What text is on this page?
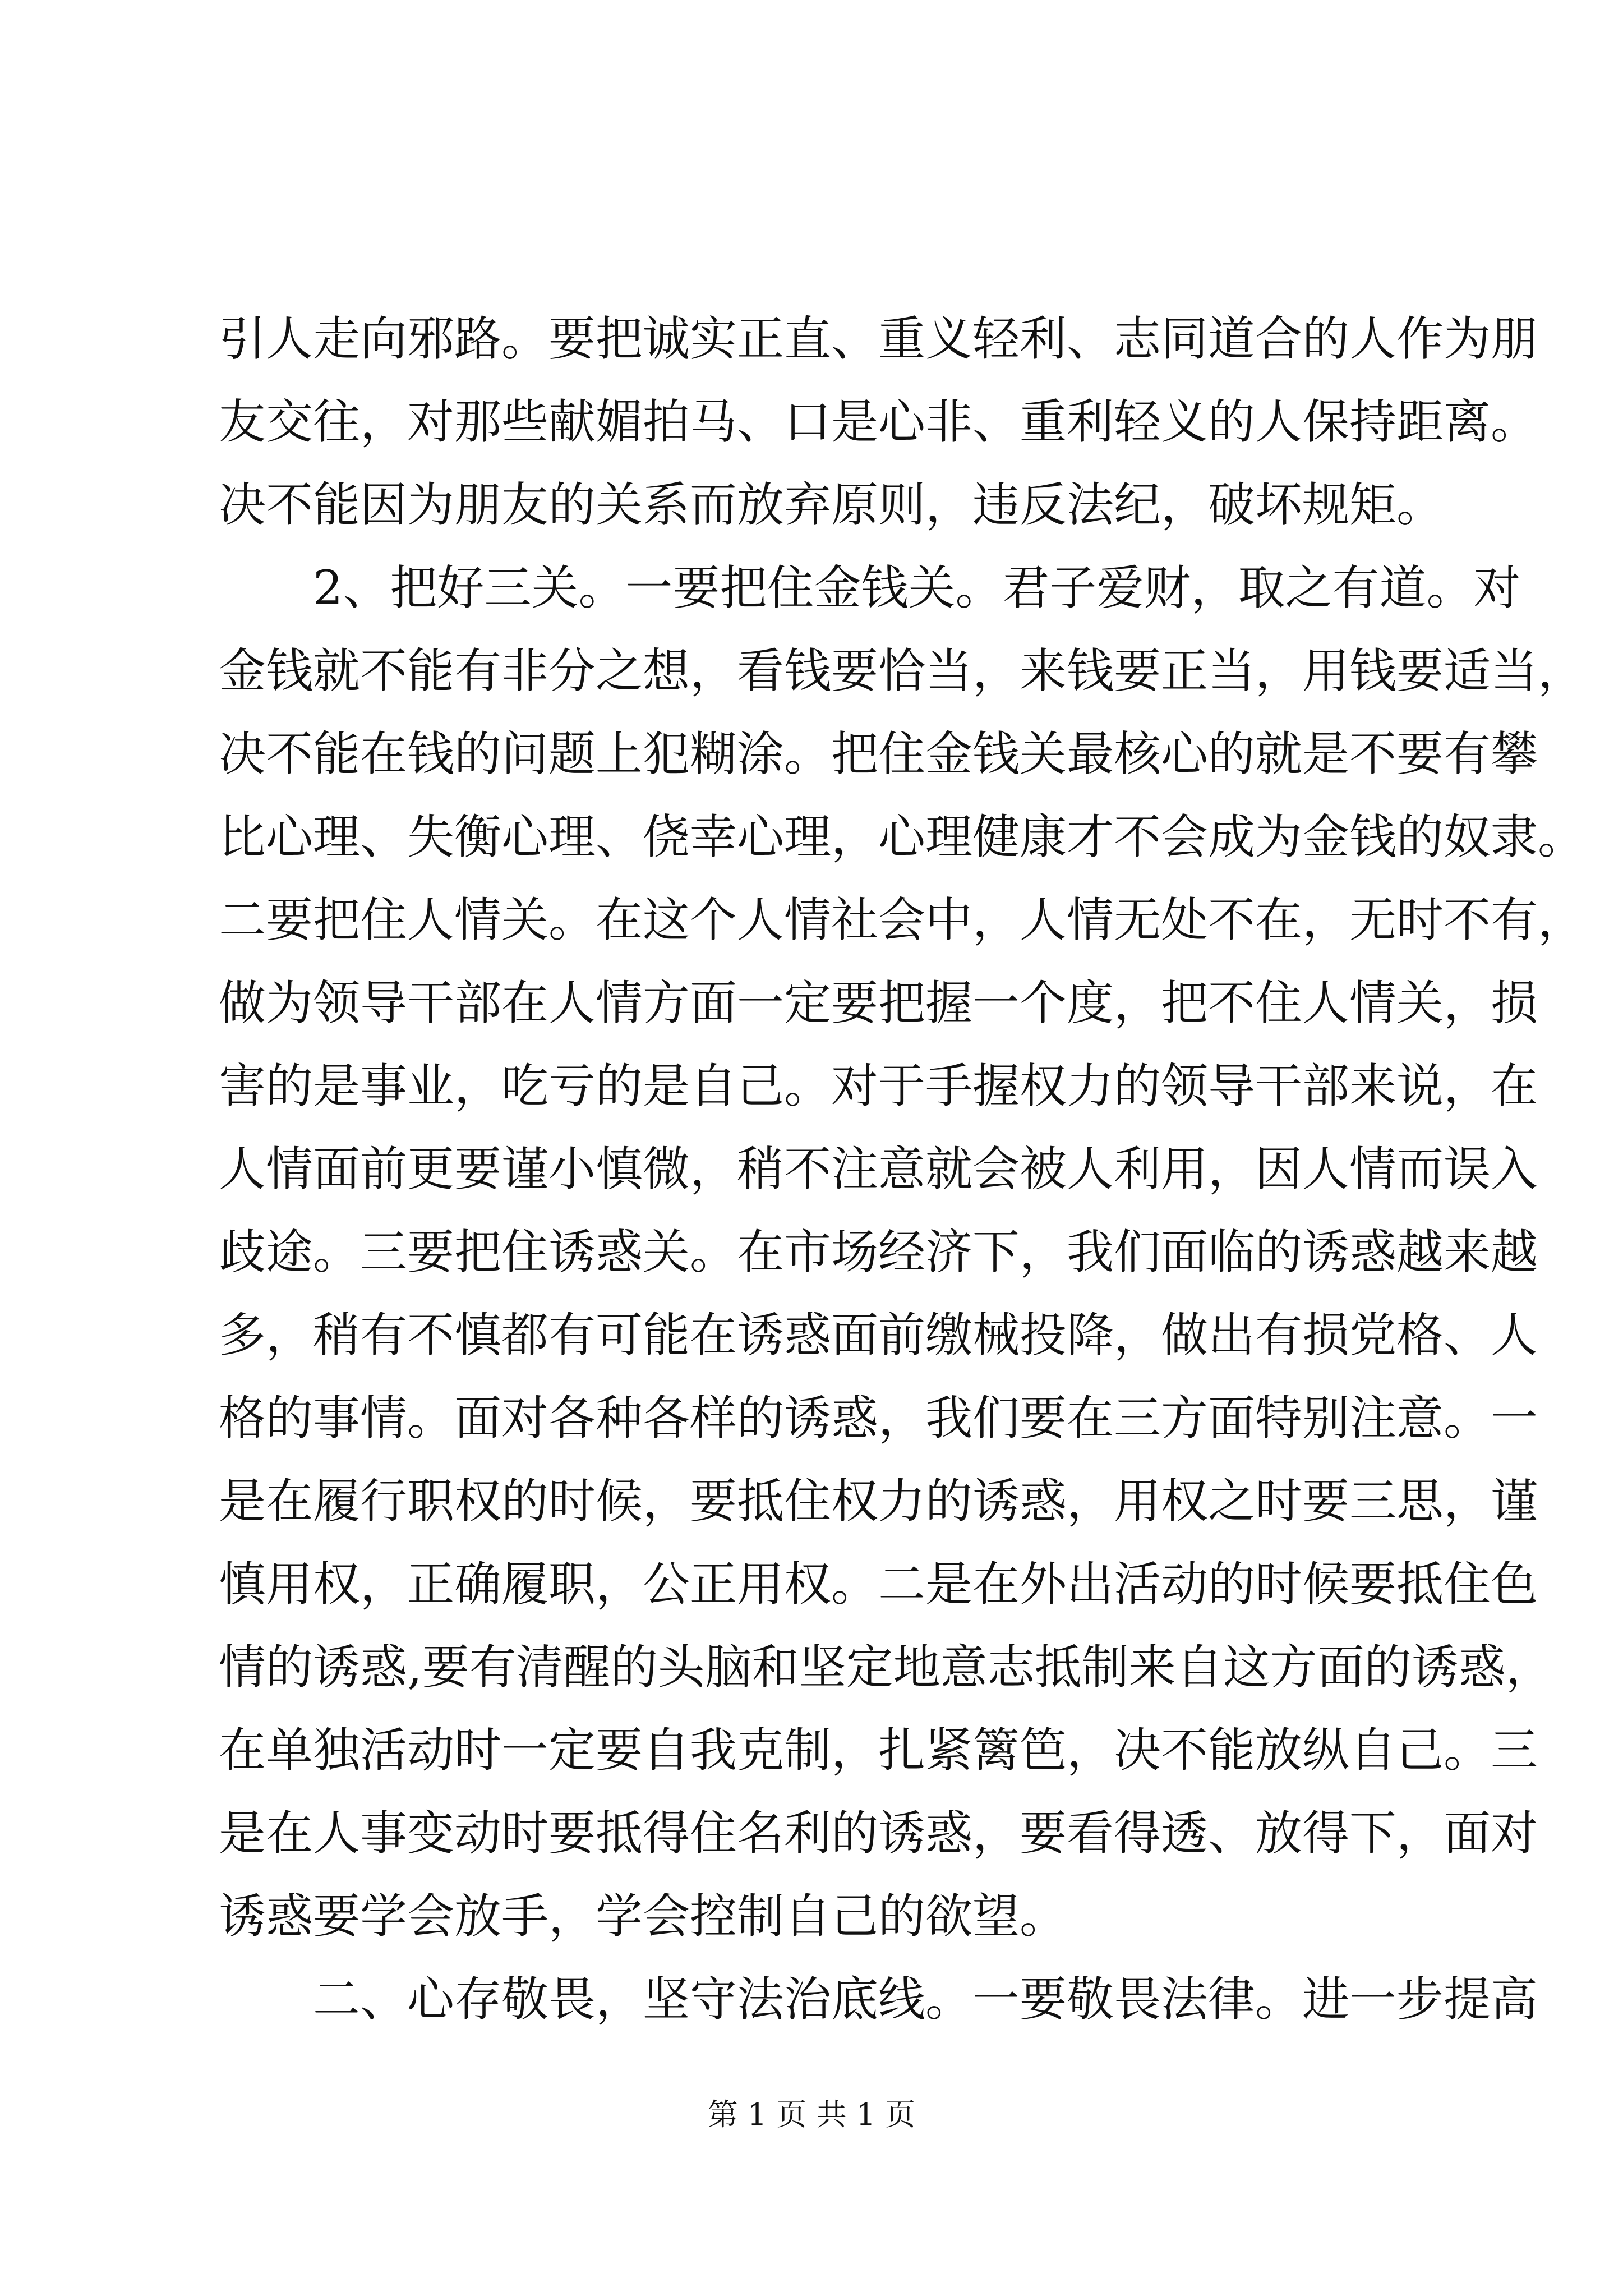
引人走向邪路。要把诚实正直、重义轻利、志同道合的人作为朋
友交往，对那些献媚拍马、口是心非、重利轻义的人保持距离。
决不能因为朋友的关系而放弃原则，违反法纪，破坏规矩。

2、把好三关。一要把住金钱关。君子爱财，取之有道。对
金钱就不能有非分之想，看钱要恰当，来钱要正当，用钱要适当，
决不能在钱的问题上犯糊涂。把住金钱关最核心的就是不要有攀
比心理、失衡心理、侥幸心理，心理健康才不会成为金钱的奴隶。
二要把住人情关。在这个人情社会中，人情无处不在，无时不有，
做为领导干部在人情方面一定要把握一个度，把不住人情关，损
害的是事业，吃亏的是自己。对于手握权力的领导干部来说，在
人情面前更要谨小慎微，稍不注意就会被人利用，因人情而误入
歧途。三要把住诱惑关。在市场经济下，我们面临的诱惑越来越
多，稍有不慎都有可能在诱惑面前缴械投降，做出有损党格、人
格的事情。面对各种各样的诱惑，我们要在三方面特别注意。一
是在履行职权的时候，要抵住权力的诱惑，用权之时要三思，谨
慎用权，正确履职，公正用权。二是在外出活动的时候要抵住色
情的诱惑,要有清醒的头脑和坚定地意志抵制来自这方面的诱惑，
在单独活动时一定要自我克制，扎紧篱笆，决不能放纵自己。三
是在人事变动时要抵得住名利的诱惑，要看得透、放得下，面对
诱惑要学会放手，学会控制自己的欲望。

二、心存敬畏，坚守法治底线。一要敬畏法律。进一步提高

第 1 页 共 1 页
